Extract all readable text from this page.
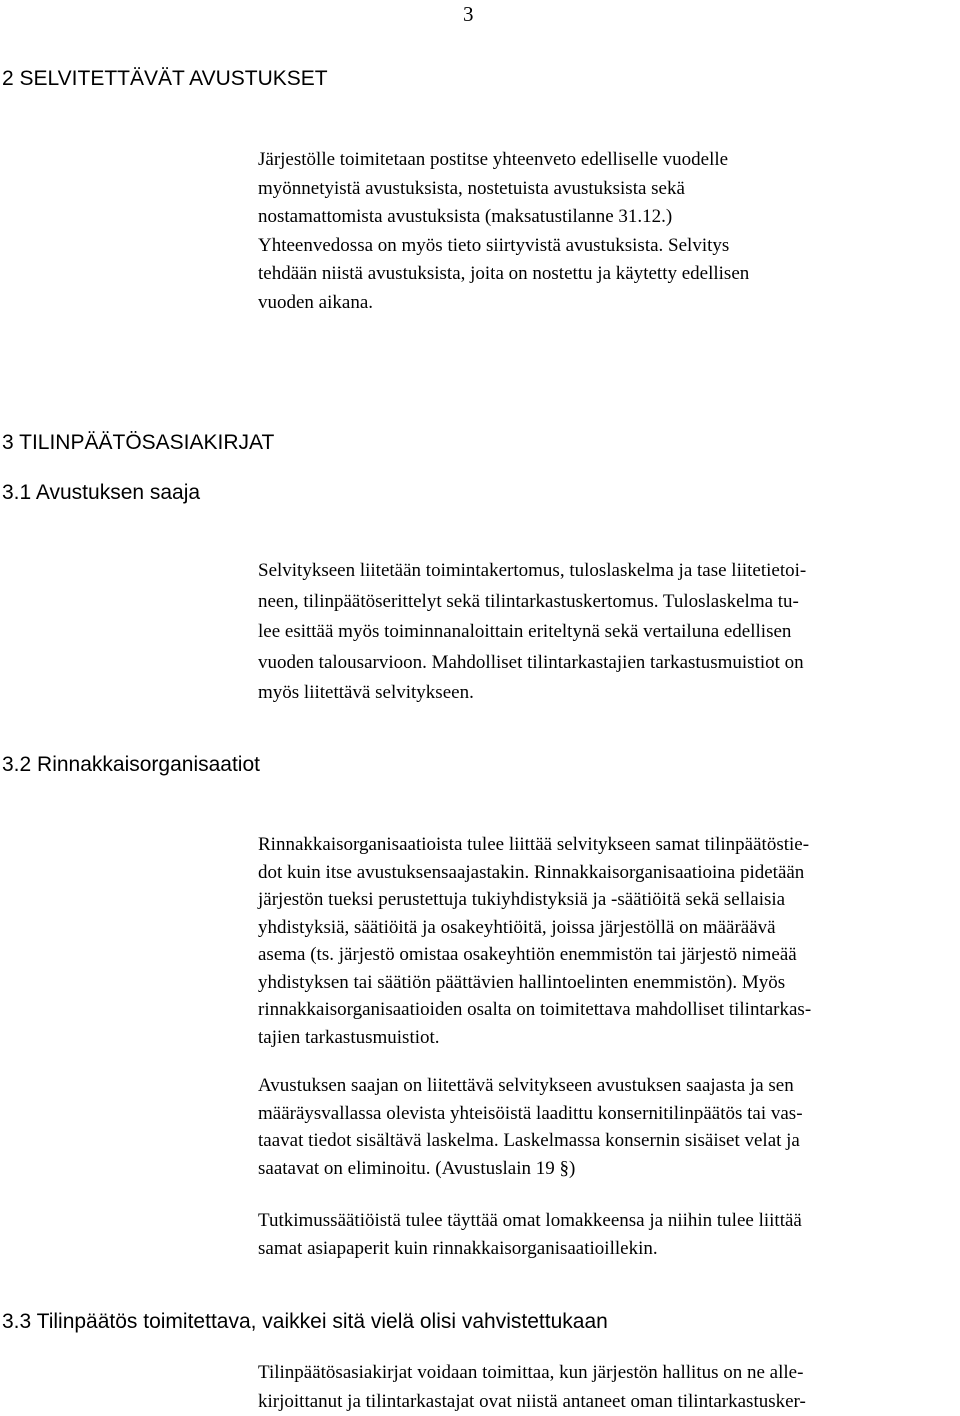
3
2 SELVITETTÄVÄT AVUSTUKSET
Järjestölle toimitetaan postitse yhteenveto edelliselle vuodelle
myönnetyistä avustuksista, nostetuista avustuksista sekä
nostamattomista avustuksista (maksatustilanne 31.12.)
Yhteenvedossa on myös tieto siirtyvistä avustuksista. Selvitys
tehdään niistä avustuksista, joita on nostettu ja käytetty edellisen
vuoden aikana.
3 TILINPÄÄTÖSASIAKIRJAT
3.1 Avustuksen saaja
Selvitykseen liitetään toimintakertomus, tuloslaskelma ja tase liitetietoi-
neen, tilinpäätöserittelyt sekä tilintarkastuskertomus. Tuloslaskelma tu-
lee esittää myös toiminnanaloittain eriteltynä sekä vertailuna edellisen
vuoden talousarvioon. Mahdolliset tilintarkastajien tarkastusmuistiot on
myös liitettävä selvitykseen.
3.2 Rinnakkaisorganisaatiot
Rinnakkaisorganisaatioista tulee liittää selvitykseen samat tilinpäätöstie-
dot kuin itse avustuksensaajastakin. Rinnakkaisorganisaatioina pidetään
järjestön tueksi perustettuja tukiyhdistyksiä ja -säätiöitä sekä sellaisia
yhdistyksiä, säätiöitä ja osakeyhtiöitä, joissa järjestöllä on määräävä
asema (ts. järjestö omistaa osakeyhtiön enemmistön tai järjestö nimeää
yhdistyksen tai säätiön päättävien hallintoelinten enemmistön). Myös
rinnakkaisorganisaatioiden osalta on toimitettava mahdolliset tilintarkas-
tajien tarkastusmuistiot.
Avustuksen saajan on liitettävä selvitykseen avustuksen saajasta ja sen
määräysvallassa olevista yhteisöistä laadittu konsernitilinpäätös tai vas-
taavat tiedot sisältävä laskelma. Laskelmassa konsernin sisäiset velat ja
saatavat on eliminoitu. (Avustuslain 19 §)
Tutkimussäätiöistä tulee täyttää omat lomakkeensa ja niihin tulee liittää
samat asiapaperit kuin rinnakkaisorganisaatioillekin.
3.3 Tilinpäätös toimitettava, vaikkei sitä vielä olisi vahvistettukaan
Tilinpäätösasiakirjat voidaan toimittaa, kun järjestön hallitus on ne alle-
kirjoittanut ja tilintarkastajat ovat niistä antaneet oman tilintarkastusker-
